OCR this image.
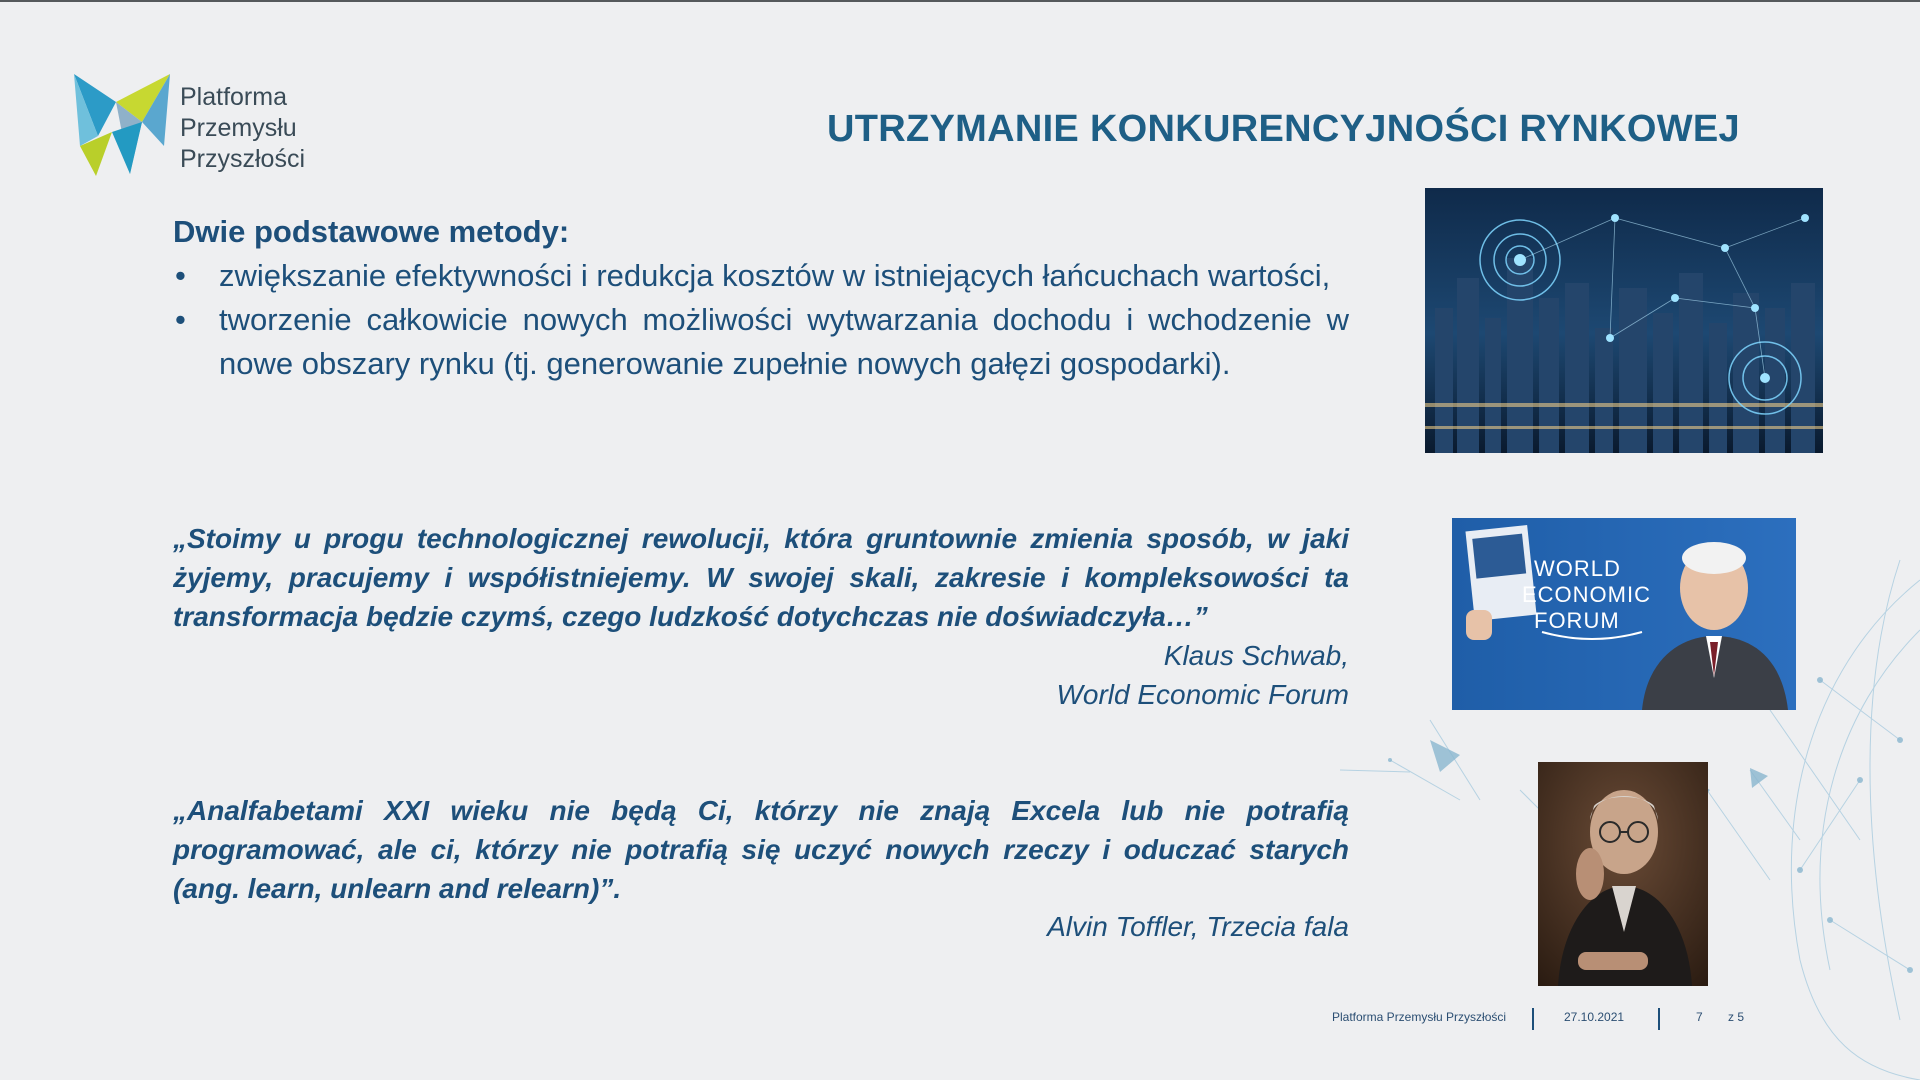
Platforma
Przemysłu
Przyszłości
UTRZYMANIE KONKURENCYJNOŚCI RYNKOWEJ
Dwie podstawowe metody:
• zwiększanie efektywności i redukcja kosztów w istniejących łańcuchach wartości,
• tworzenie całkowicie nowych możliwości wytwarzania dochodu i wchodzenie w nowe obszary rynku (tj. generowanie zupełnie nowych gałęzi gospodarki).
„Stoimy u progu technologicznej rewolucji, która gruntownie zmienia sposób, w jaki żyjemy, pracujemy i współistniejemy. W swojej skali, zakresie i kompleksowości ta transformacja będzie czymś, czego ludzkość dotychczas nie doświadczyła…”
Klaus Schwab,
World Economic Forum
„Analfabetami XXI wieku nie będą Ci, którzy nie znają Excela lub nie potrafią programować, ale ci, którzy nie potrafią się uczyć nowych rzeczy i oduczać starych (ang. learn, unlearn and relearn)”.
Alvin Toffler, Trzecia fala
WORLD
ECONOMIC
FORUM
Platforma Przemysłu Przyszłości	27.10.2021	7 z 5
